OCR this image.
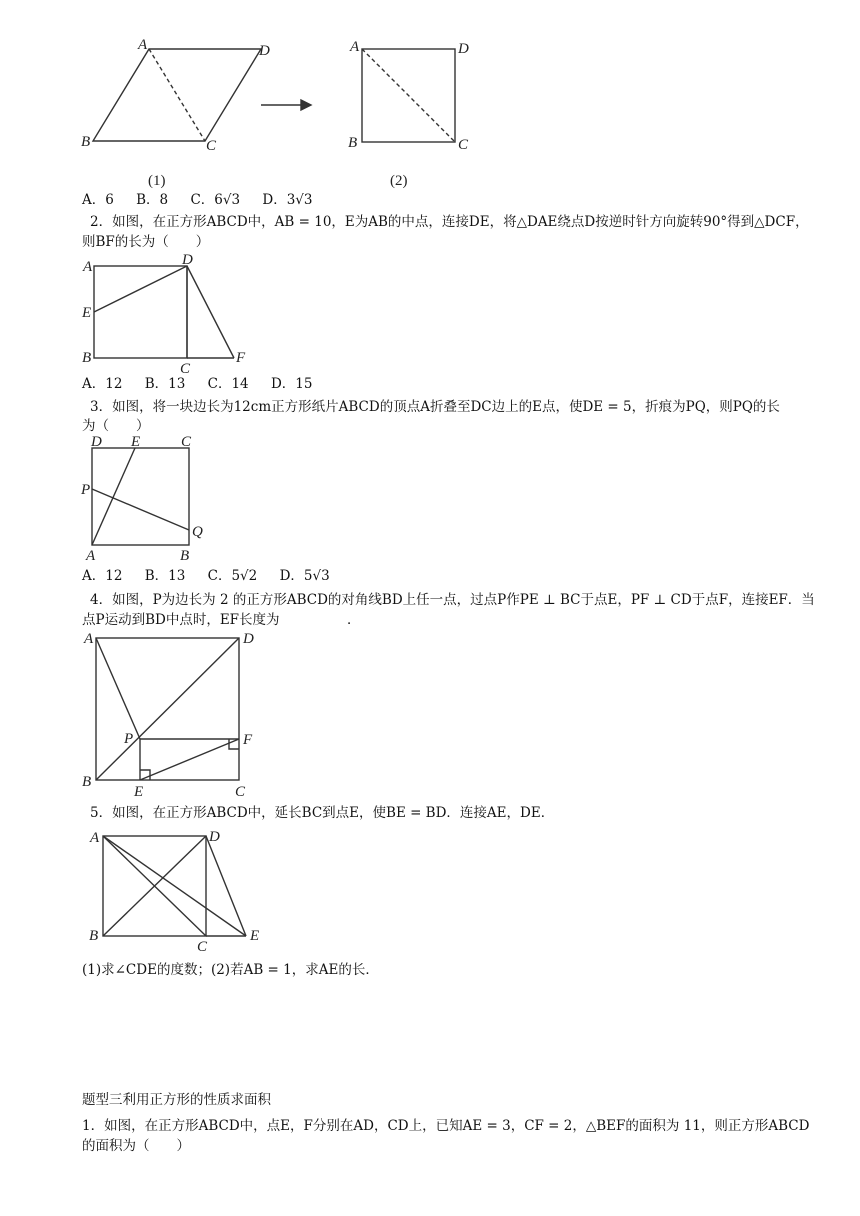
A	D
B	C
A	D
B	C
(1)	(2)
A．6 B．8 C．6√3 D．3√3
2．如图，在正方形ABCD中，AB = 10，E为AB的中点，连接DE，将△DAE绕点D按逆时针方向旋转90°得到△DCF，
则BF的长为（　　）
A	D
E
B
C
F
A．12 B．13 C．14 D．15
3．如图，将一块边长为12cm正方形纸片ABCD的顶点A折叠至DC边上的E点，使DE = 5，折痕为PQ，则PQ的长
为（　　）
D E	C
P
Q
A	B
A．12 B．13 C．5√2 D．5√3
4．如图，P为边长为 2 的正方形ABCD的对角线BD上任一点，过点P作PE ⊥ BC于点E，PF ⊥ CD于点F，连接EF．当
点P运动到BD中点时，EF长度为　　　　　．
A	D
P	F
B
E	C
5．如图，在正方形ABCD中，延长BC到点E，使BE = BD．连接AE，DE．
A	D
B
C
E
(1)求∠CDE的度数；(2)若AB = 1，求AE的长．
题型三利用正方形的性质求面积
1．如图，在正方形ABCD中，点E，F分别在AD，CD上，已知AE = 3，CF = 2，△BEF的面积为 11，则正方形ABCD
的面积为（　　）
